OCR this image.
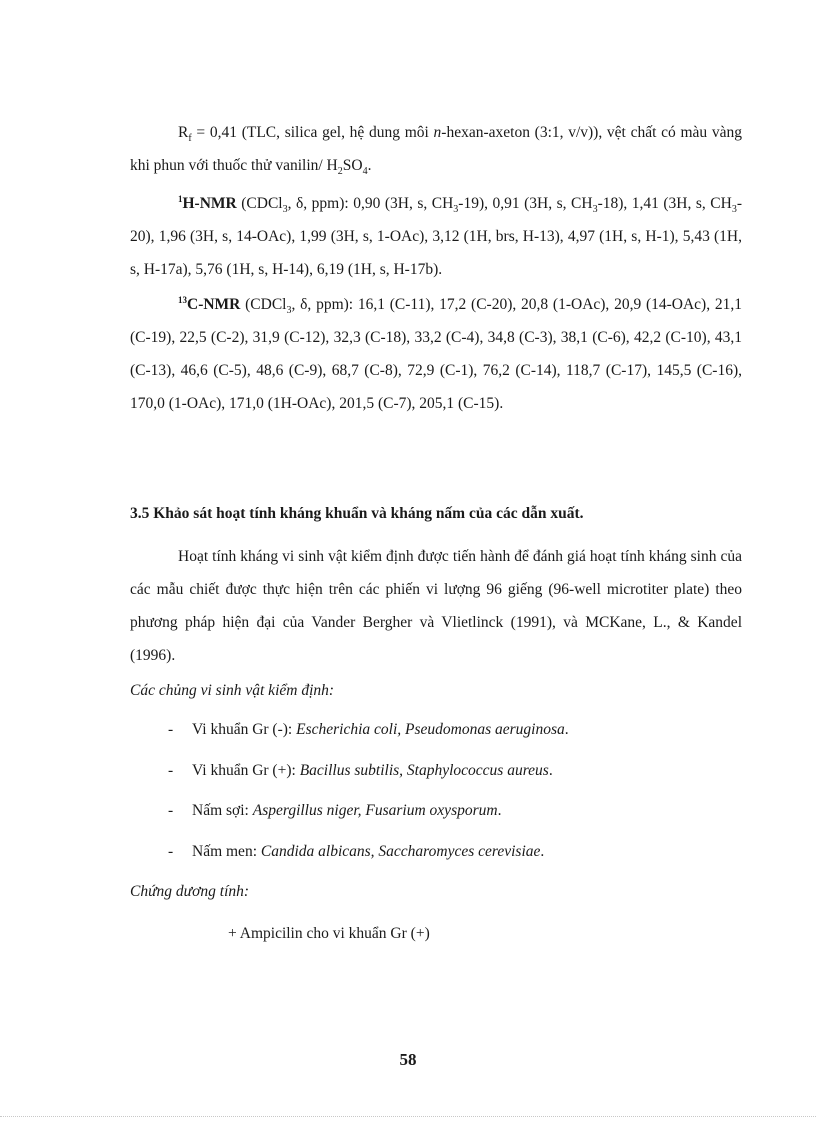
$R_f = 0,41$ (TLC, silica gel, hệ dung môi n-hexan-axeton (3:1, v/v)), vệt chất có màu vàng khi phun với thuốc thử vanilin/ $H_2SO_4$.
$^1$H-NMR (CDCl$_3$, δ, ppm): 0,90 (3H, s, $CH_3-19$), 0,91 (3H, s, $CH_3-18$), 1,41 (3H, s, $CH_3-20$), 1,96 (3H, s, 14-OAc), 1,99 (3H, s, 1-OAc), 3,12 (1H, brs, H-13), 4,97 (1H, s, H-1), 5,43 (1H, s, H-17a), 5,76 (1H, s, H-14), 6,19 (1H, s, H-17b).
$^{13}$C-NMR (CDCl$_3$, δ, ppm): 16,1 (C-11), 17,2 (C-20), 20,8 (1-OAc), 20,9 (14-OAc), 21,1 (C-19), 22,5 (C-2), 31,9 (C-12), 32,3 (C-18), 33,2 (C-4), 34,8 (C-3), 38,1 (C-6), 42,2 (C-10), 43,1 (C-13), 46,6 (C-5), 48,6 (C-9), 68,7 (C-8), 72,9 (C-1), 76,2 (C-14), 118,7 (C-17), 145,5 (C-16), 170,0 (1-OAc), 171,0 (1H-OAc), 201,5 (C-7), 205,1 (C-15).
3.5 Khảo sát hoạt tính kháng khuẩn và kháng nấm của các dẫn xuất.
Hoạt tính kháng vi sinh vật kiểm định được tiến hành để đánh giá hoạt tính kháng sinh của các mẫu chiết được thực hiện trên các phiến vi lượng 96 giếng (96-well microtiter plate) theo phương pháp hiện đại của Vander Bergher và Vlietlinck (1991), và MCKane, L., & Kandel (1996).
Các chủng vi sinh vật kiểm định:
- Vi khuẩn Gr (-): Escherichia coli, Pseudomonas aeruginosa.
- Vi khuẩn Gr (+): Bacillus subtilis, Staphylococcus aureus.
- Nấm sợi: Aspergillus niger, Fusarium oxysporum.
- Nấm men: Candida albicans, Saccharomyces cerevisiae.
Chứng dương tính:
+ Ampicilin cho vi khuẩn Gr (+)
58
